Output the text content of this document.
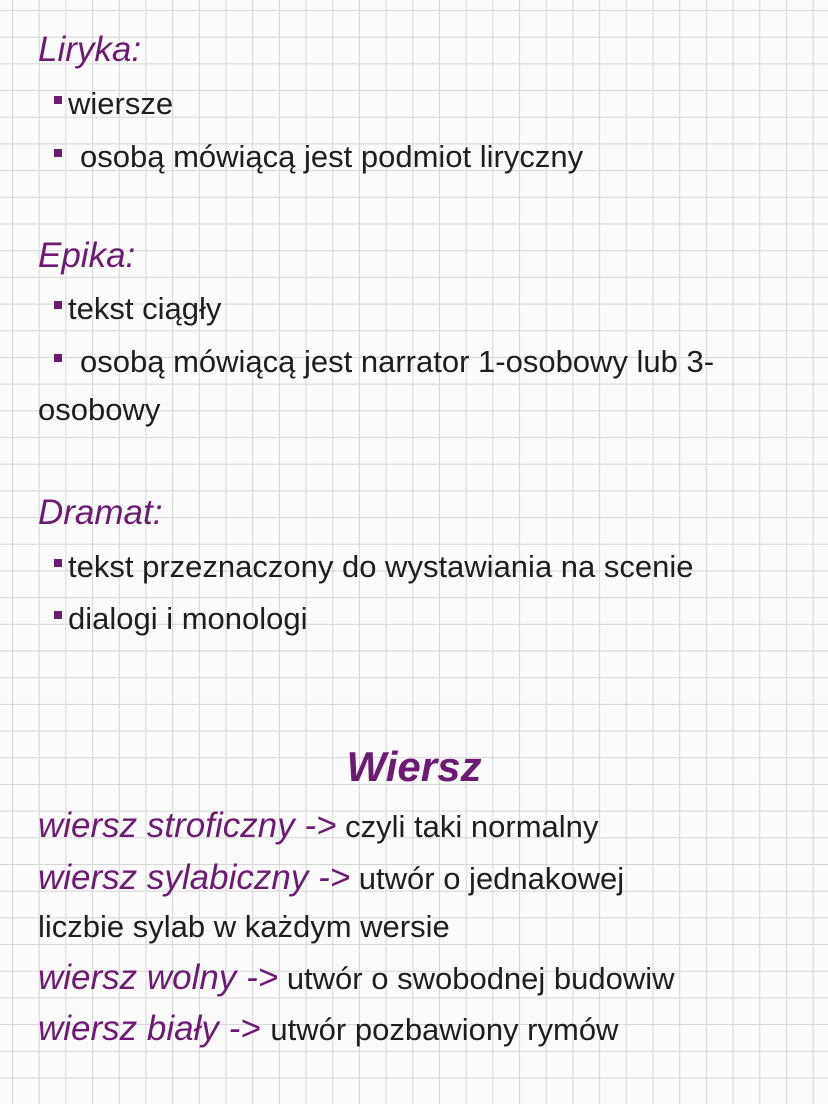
Liryka:
wiersze
osobą mówiącą jest podmiot liryczny
Epika:
tekst ciągły
osobą mówiącą jest narrator 1-osobowy lub 3-
osobowy
Dramat:
tekst przeznaczony do wystawiania na scenie
dialogi i monologi
Wiersz
wiersz stroficzny -> czyli taki normalny
wiersz sylabiczny -> utwór o jednakowej
liczbie sylab w każdym wersie
wiersz wolny -> utwór o swobodnej budowiw
wiersz biały -> utwór pozbawiony rymów
